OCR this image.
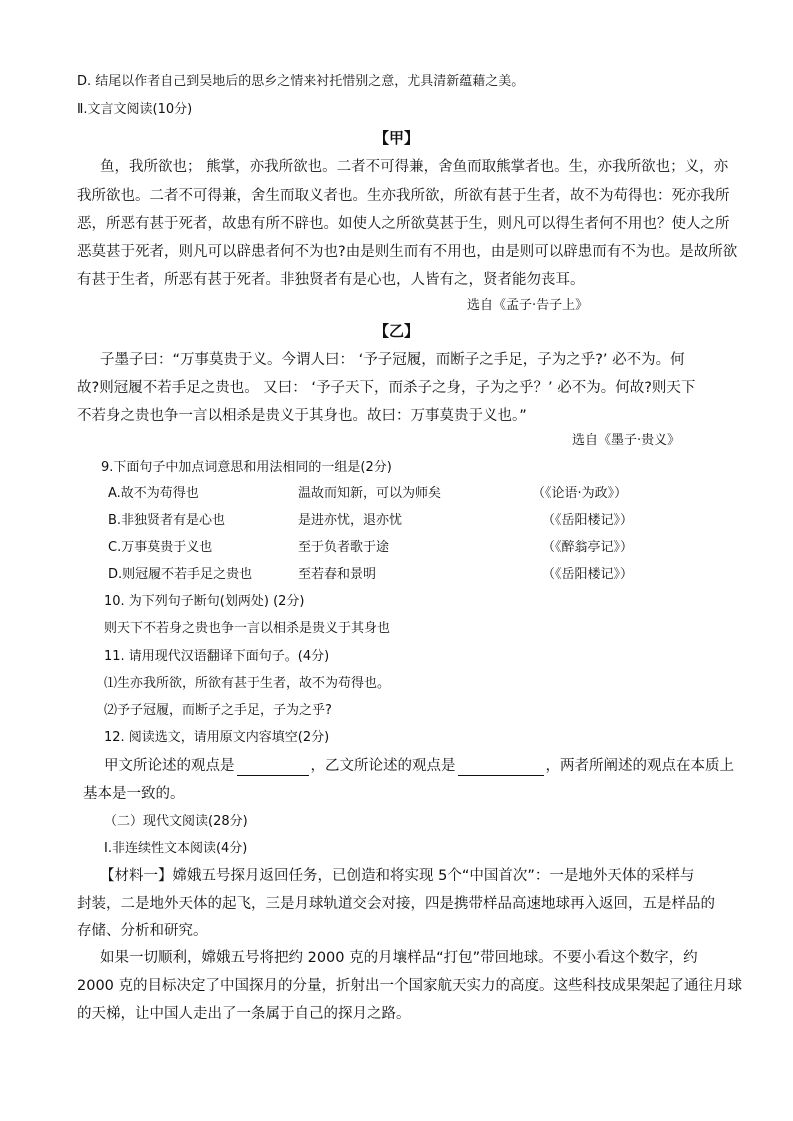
D. 结尾以作者自己到吴地后的思乡之情来衬托惜别之意，尤具清新蕴藉之美。
Ⅱ.文言文阅读(10分)
【甲】
鱼，我所欲也； 熊掌，亦我所欲也。二者不可得兼，舍鱼而取熊掌者也。生，亦我所欲也；义，亦
我所欲也。二者不可得兼，舍生而取义者也。生亦我所欲，所欲有甚于生者，故不为苟得也：死亦我所
恶，所恶有甚于死者，故患有所不辟也。如使人之所欲莫甚于生，则凡可以得生者何不用也？使人之所
恶莫甚于死者，则凡可以辟患者何不为也?由是则生而有不用也，由是则可以辟患而有不为也。是故所欲
有甚于生者，所恶有甚于死者。非独贤者有是心也，人皆有之，贤者能勿丧耳。
选自《孟子·告子上》
【乙】
子墨子曰：“万事莫贵于义。今谓人曰： ‘予子冠履，而断子之手足，子为之乎?’ 必不为。何
故?则冠履不若手足之贵也。 又曰： ‘予子天下，而杀子之身，子为之乎？’ 必不为。何故?则天下
不若身之贵也争一言以相杀是贵义于其身也。故曰：万事莫贵于义也。”
选自《墨子·贵义》
9.下面句子中加点词意思和用法相同的一组是(2分)
A.故不为苟得也	温故而知新，可以为师矣	（《论语·为政》）
B.非独贤者有是心也	是进亦忧，退亦忧	（《岳阳楼记》）
C.万事莫贵于义也	至于负者歌于途	（《醉翁亭记》）
D.则冠履不若手足之贵也	至若春和景明	（《岳阳楼记》）
10. 为下列句子断句(划两处) (2分)
则天下不若身之贵也争一言以相杀是贵义于其身也
11. 请用现代汉语翻译下面句子。(4分)
⑴生亦我所欲，所欲有甚于生者，故不为苟得也。
⑵予子冠履，而断子之手足，子为之乎?
12. 阅读选文，请用原文内容填空(2分)
甲文所论述的观点是	，乙文所论述的观点是	，两者所阐述的观点在本质上
基本是一致的。
（二）现代文阅读(28分)
Ⅰ.非连续性文本阅读(4分)
【材料一】嫦娥五号探月返回任务，已创造和将实现 5个“中国首次”：一是地外天体的采样与
封装，二是地外天体的起飞，三是月球轨道交会对接，四是携带样品高速地球再入返回，五是样品的
存储、分析和研究。
如果一切顺利，嫦娥五号将把约 2000 克的月壤样品“打包”带回地球。不要小看这个数字，约
2000 克的目标决定了中国探月的分量，折射出一个国家航天实力的高度。这些科技成果架起了通往月球
的天梯，让中国人走出了一条属于自己的探月之路。
